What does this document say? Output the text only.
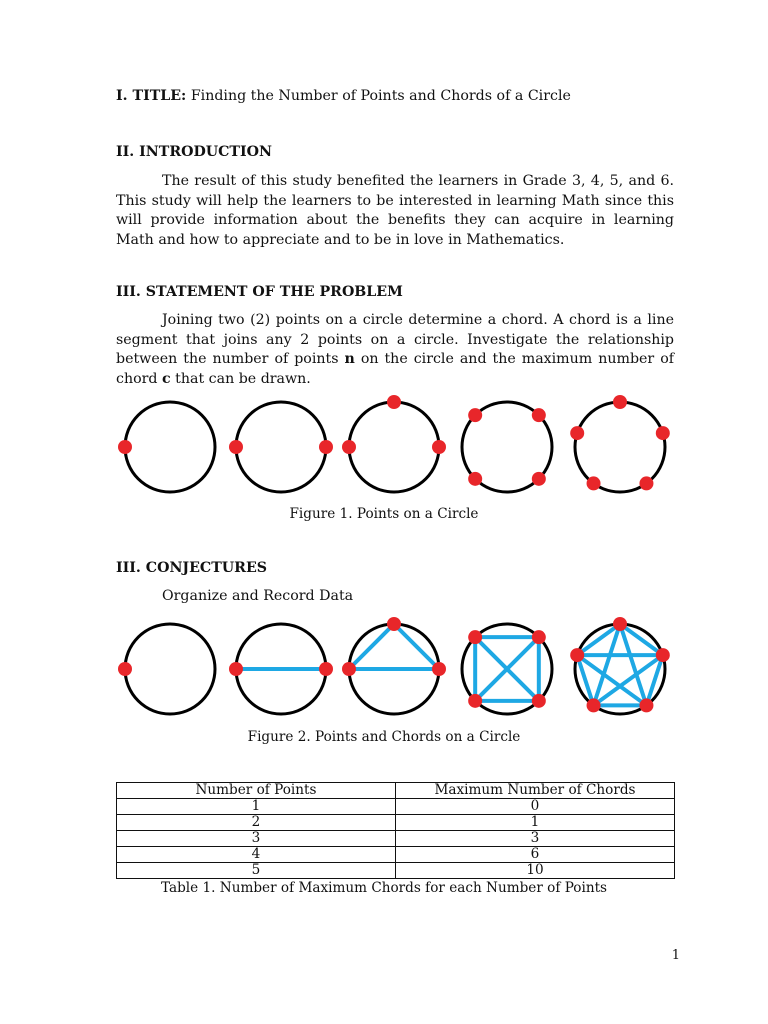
I. TITLE: Finding the Number of Points and Chords of a Circle
II. INTRODUCTION
The result of this study benefited the learners in Grade 3, 4, 5, and 6. This study will help the learners to be interested in learning Math since this will provide information about the benefits they can acquire in learning Math and how to appreciate and to be in love in Mathematics.
III. STATEMENT OF THE PROBLEM
Joining two (2) points on a circle determine a chord. A chord is a line segment that joins any 2 points on a circle. Investigate the relationship between the number of points n on the circle and the maximum number of chord c that can be drawn.
Figure 1. Points on a Circle
III. CONJECTURES
Organize and Record Data
Figure 2. Points and Chords on a Circle
Number of Points	Maximum Number of Chords
1	0
2	1
3	3
4	6
5	10
Table 1. Number of Maximum Chords for each Number of Points
1
